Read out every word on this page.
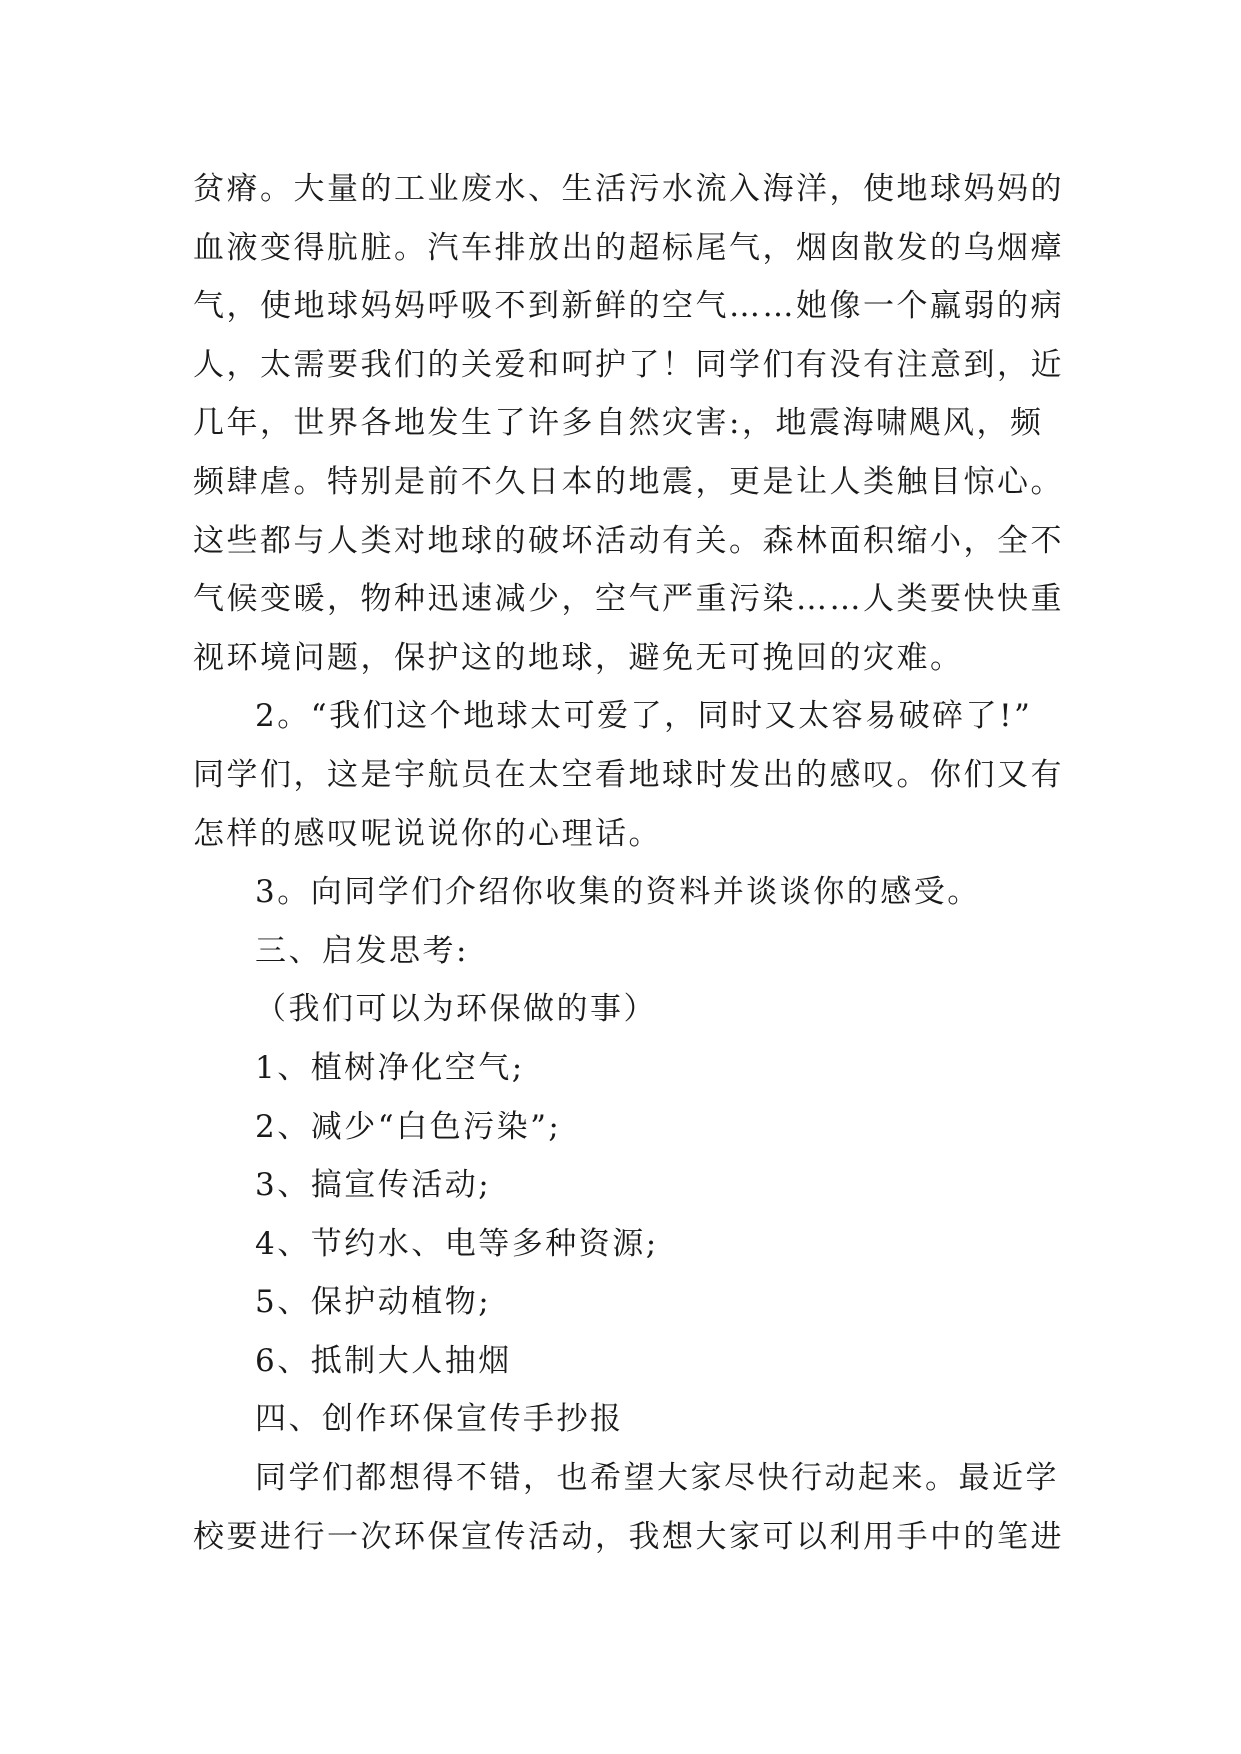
贫瘠。大量的工业废水、生活污水流入海洋，使地球妈妈的
血液变得肮脏。汽车排放出的超标尾气，烟囱散发的乌烟瘴
气，使地球妈妈呼吸不到新鲜的空气……她像一个羸弱的病
人，太需要我们的关爱和呵护了！同学们有没有注意到，近
几年，世界各地发生了许多自然灾害:，地震海啸飓风，频
频肆虐。特别是前不久日本的地震，更是让人类触目惊心。
这些都与人类对地球的破坏活动有关。森林面积缩小，全不
气候变暖，物种迅速减少，空气严重污染……人类要快快重
视环境问题，保护这的地球，避免无可挽回的灾难。
2。“我们这个地球太可爱了，同时又太容易破碎了!”
同学们，这是宇航员在太空看地球时发出的感叹。你们又有
怎样的感叹呢说说你的心理话。
3。向同学们介绍你收集的资料并谈谈你的感受。
三、启发思考:
（我们可以为环保做的事）
1、植树净化空气;
2、减少“白色污染”;
3、搞宣传活动;
4、节约水、电等多种资源;
5、保护动植物;
6、抵制大人抽烟
四、创作环保宣传手抄报
同学们都想得不错，也希望大家尽快行动起来。最近学
校要进行一次环保宣传活动，我想大家可以利用手中的笔进
